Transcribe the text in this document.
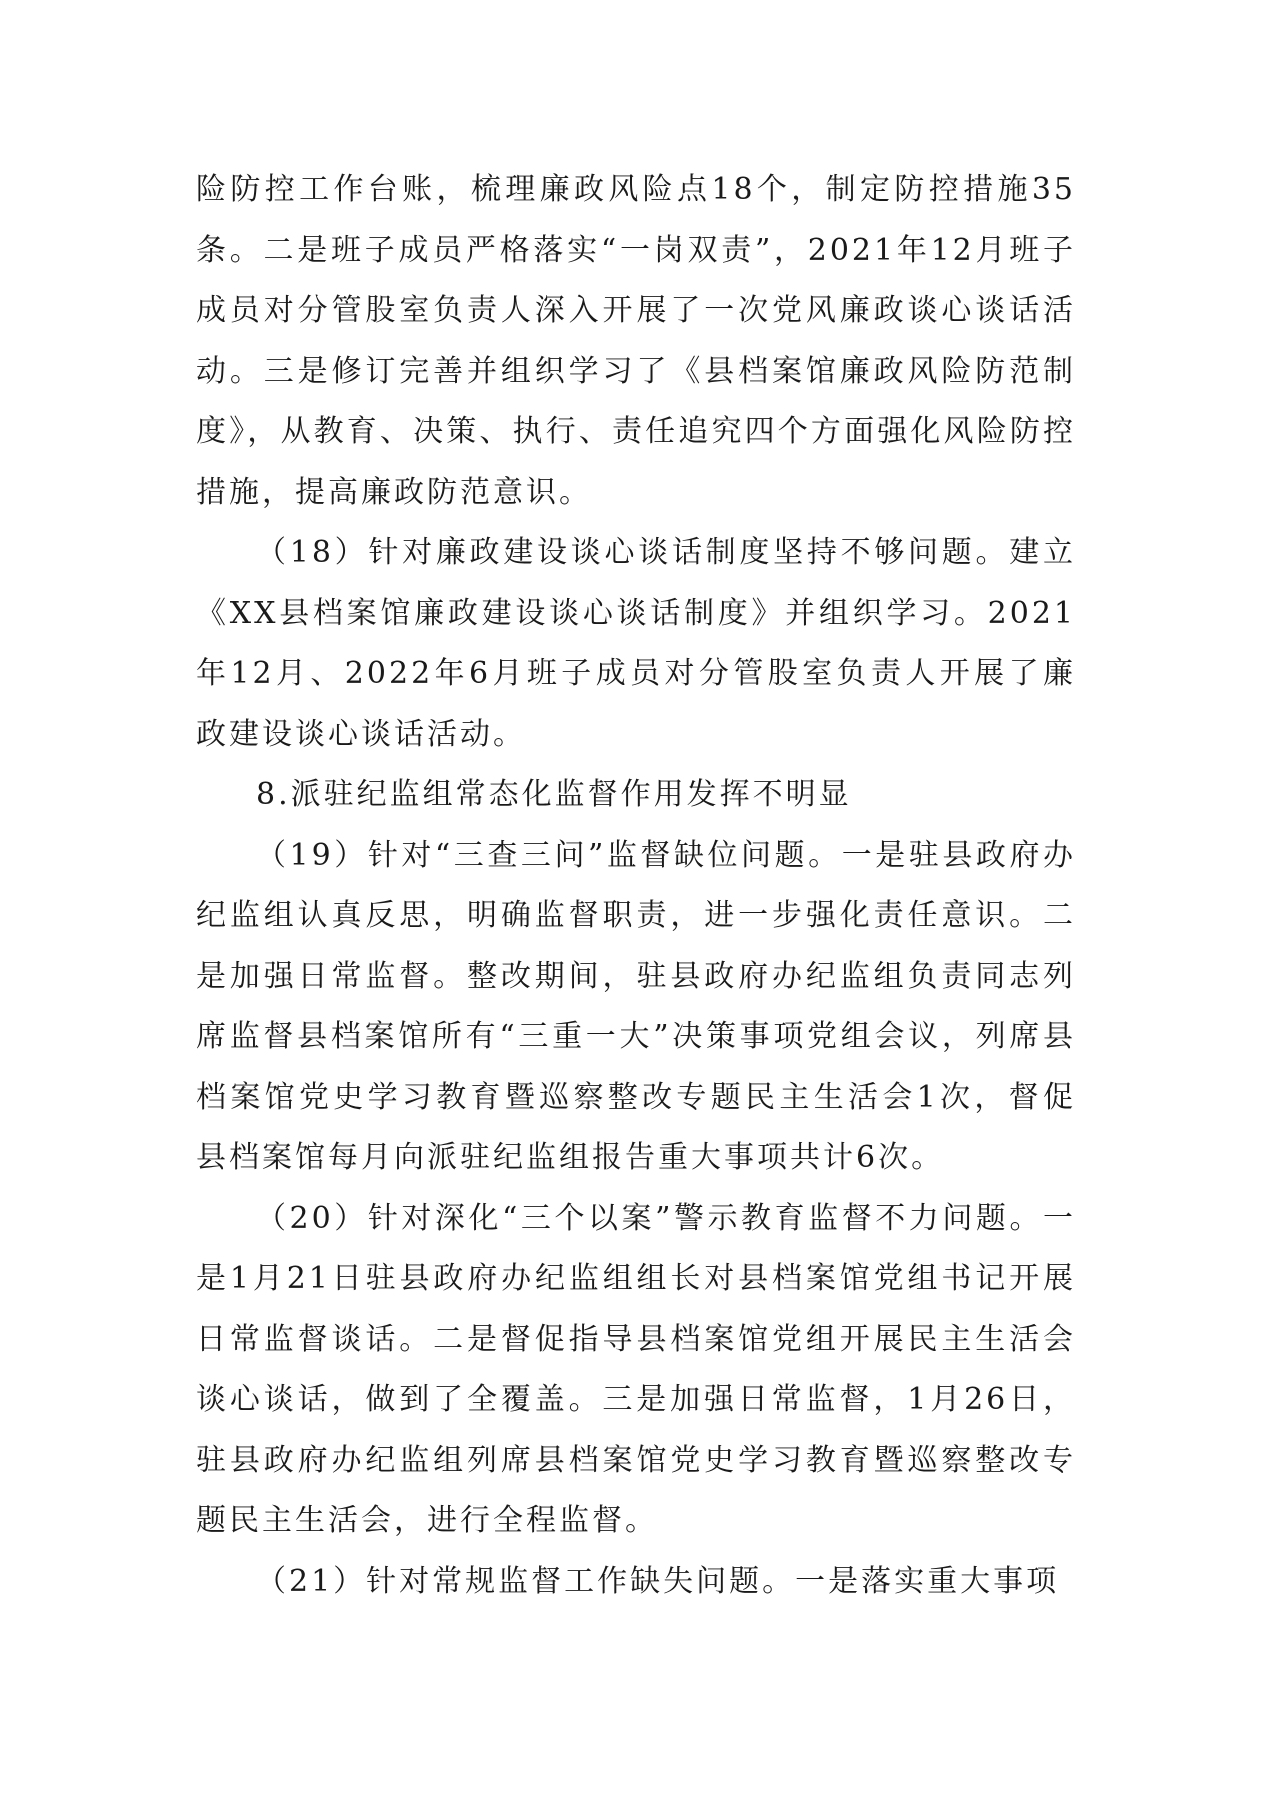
险防控工作台账，梳理廉政风险点18个，制定防控措施35条。二是班子成员严格落实“一岗双责”，2021年12月班子成员对分管股室负责人深入开展了一次党风廉政谈心谈话活动。三是修订完善并组织学习了《县档案馆廉政风险防范制度》，从教育、决策、执行、责任追究四个方面强化风险防控措施，提高廉政防范意识。

（18）针对廉政建设谈心谈话制度坚持不够问题。建立《XX县档案馆廉政建设谈心谈话制度》并组织学习。2021年12月、2022年6月班子成员对分管股室负责人开展了廉政建设谈心谈话活动。

8.派驻纪监组常态化监督作用发挥不明显

（19）针对“三查三问”监督缺位问题。一是驻县政府办纪监组认真反思，明确监督职责，进一步强化责任意识。二是加强日常监督。整改期间，驻县政府办纪监组负责同志列席监督县档案馆所有“三重一大”决策事项党组会议，列席县档案馆党史学习教育暨巡察整改专题民主生活会1次，督促县档案馆每月向派驻纪监组报告重大事项共计6次。

（20）针对深化“三个以案”警示教育监督不力问题。一是1月21日驻县政府办纪监组组长对县档案馆党组书记开展日常监督谈话。二是督促指导县档案馆党组开展民主生活会谈心谈话，做到了全覆盖。三是加强日常监督，1月26日，驻县政府办纪监组列席县档案馆党史学习教育暨巡察整改专题民主生活会，进行全程监督。

（21）针对常规监督工作缺失问题。一是落实重大事项
